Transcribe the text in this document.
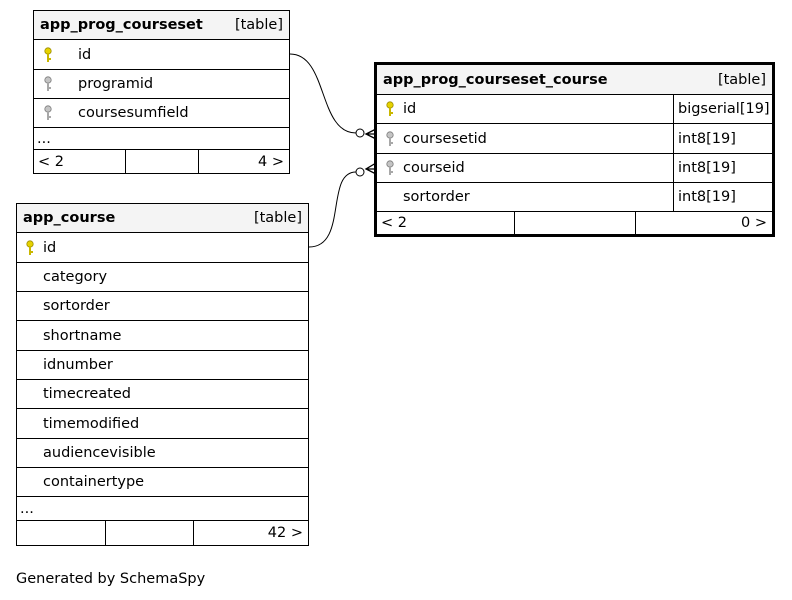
app_prog_courseset [table]
id
programid
coursesumfield
...
< 2	4 >
app_course	[table]
id
category
sortorder
shortname
idnumber
timecreated
timemodified
audiencevisible
containertype
...
42 >
app_prog_courseset_course	[table]
id	bigserial[19]
coursesetid	int8[19]
courseid	int8[19]
sortorder	int8[19]
< 2	0 >
Generated by SchemaSpy
